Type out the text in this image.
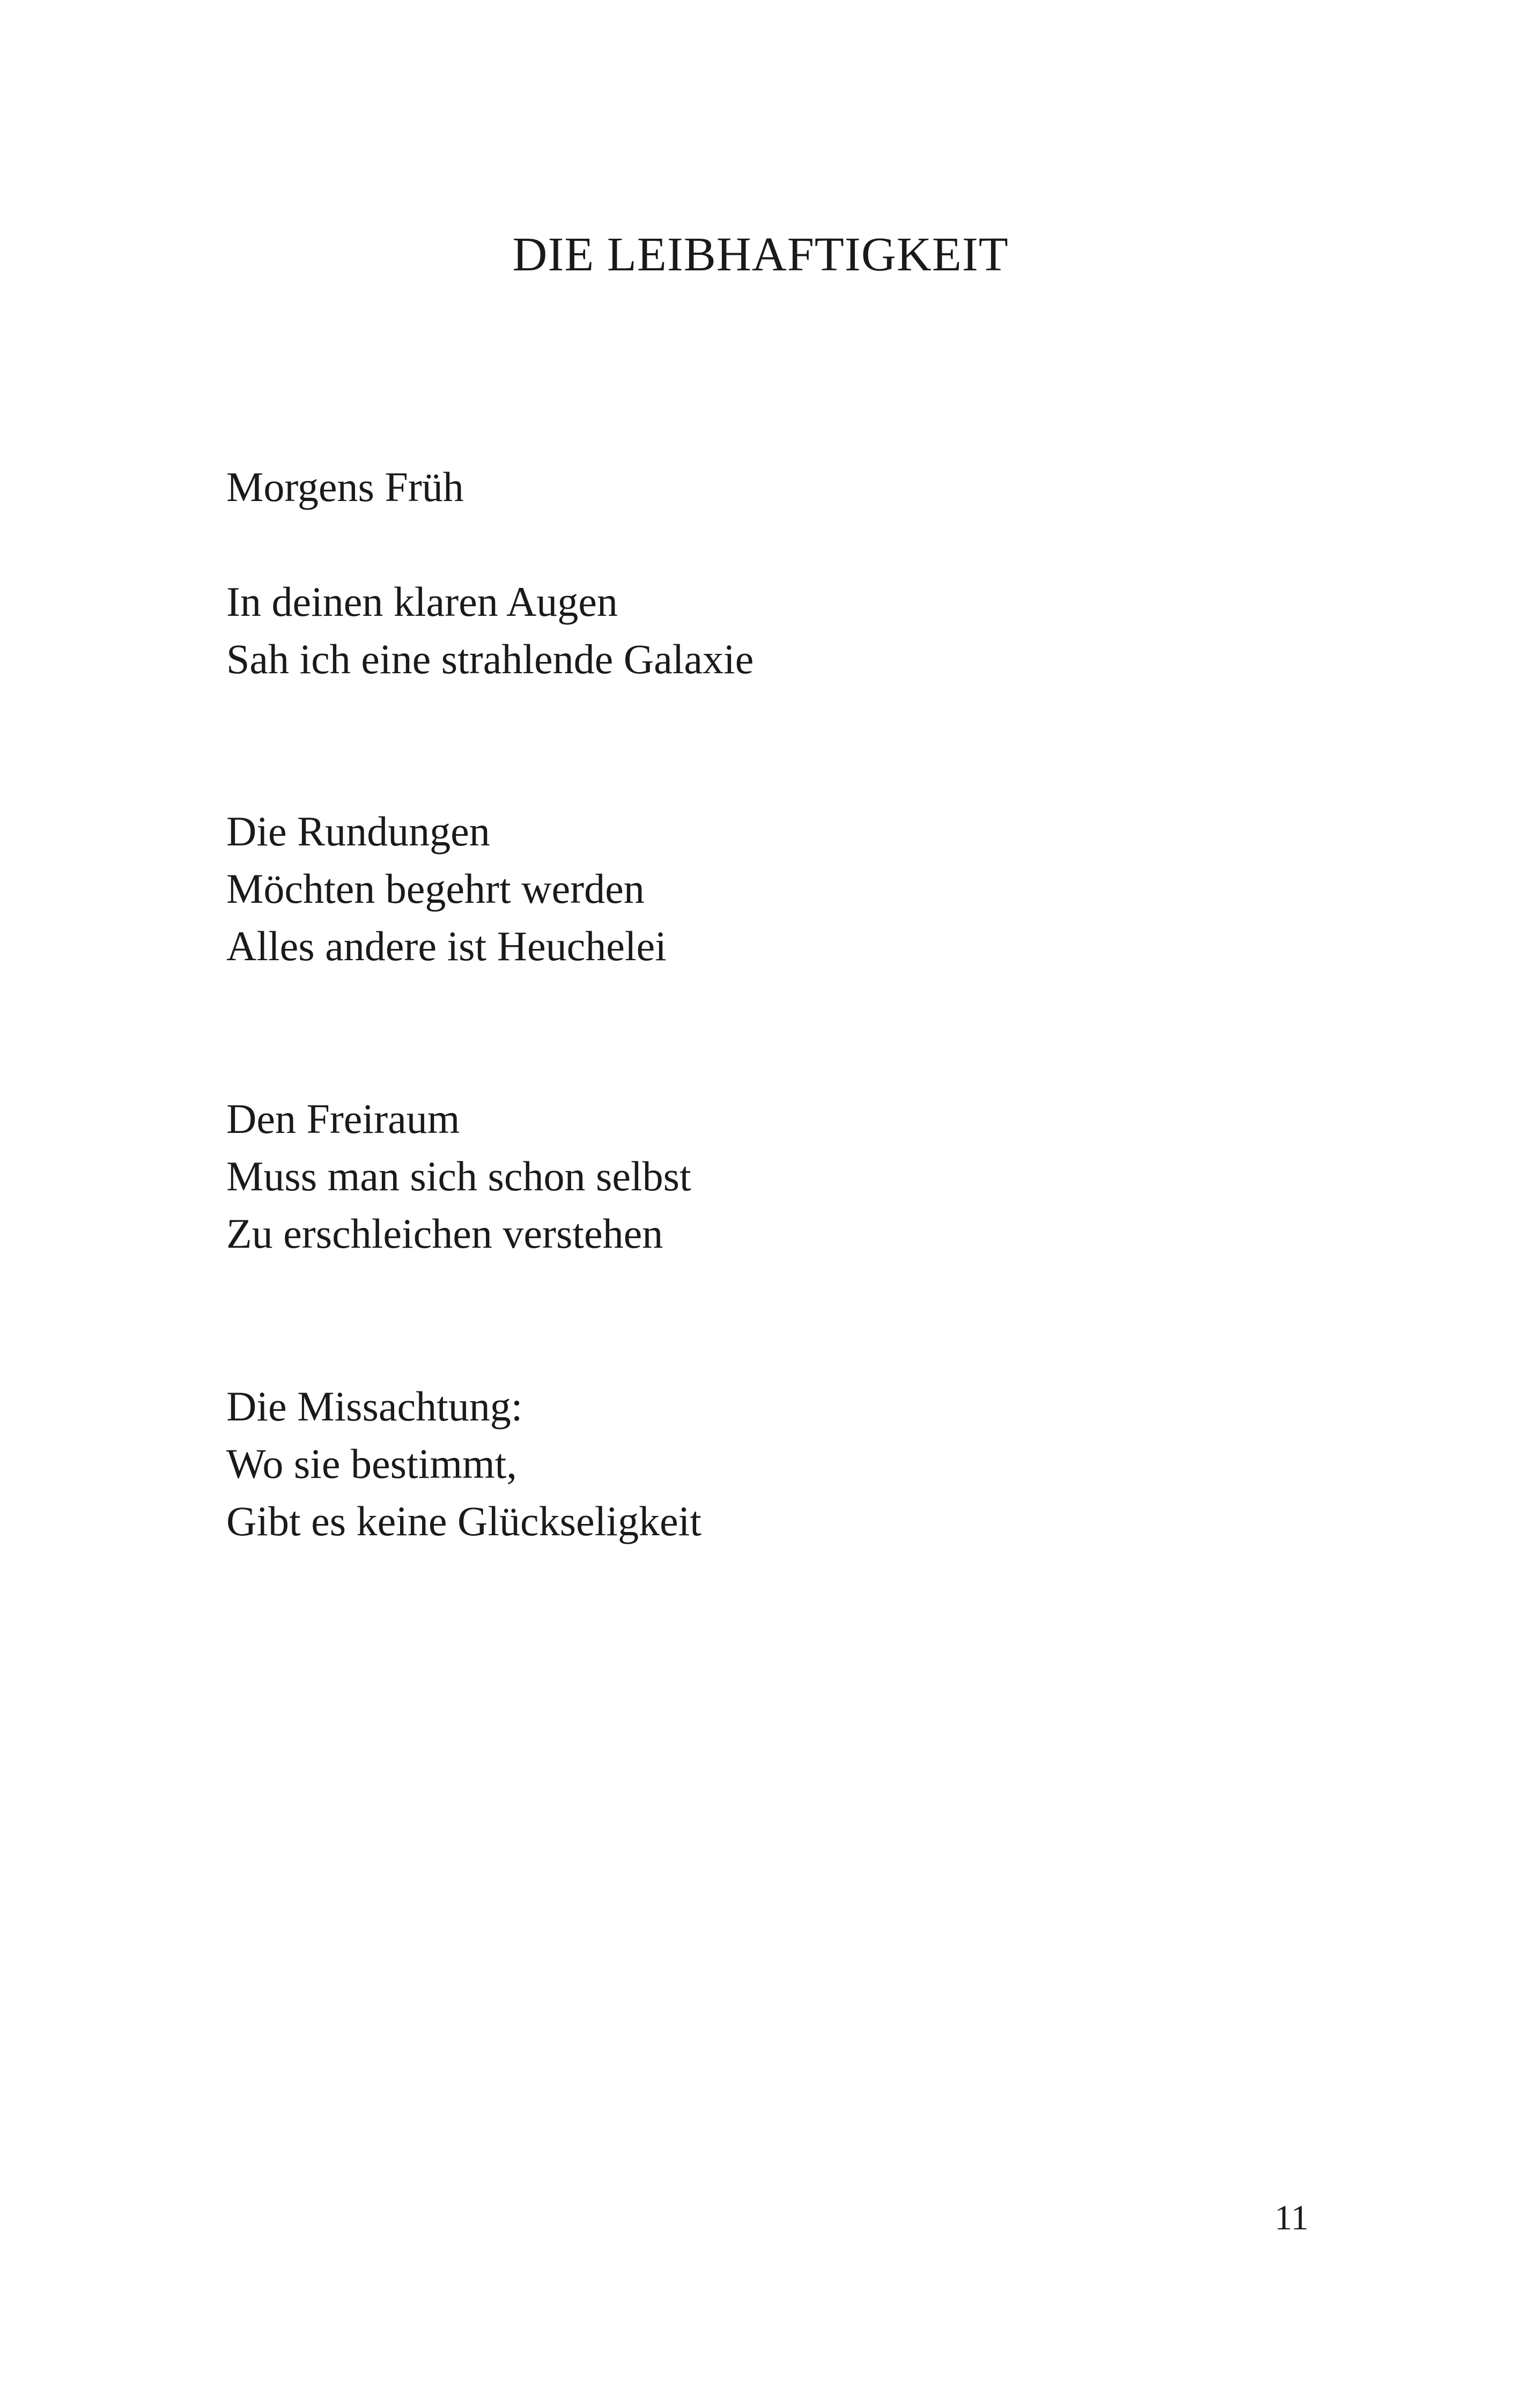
DIE LEIBHAFTIGKEIT
Morgens Früh
In deinen klaren Augen
Sah ich eine strahlende Galaxie
Die Rundungen
Möchten begehrt werden
Alles andere ist Heuchelei
Den Freiraum
Muss man sich schon selbst
Zu erschleichen verstehen
Die Missachtung:
Wo sie bestimmt,
Gibt es keine Glückseligkeit
11
